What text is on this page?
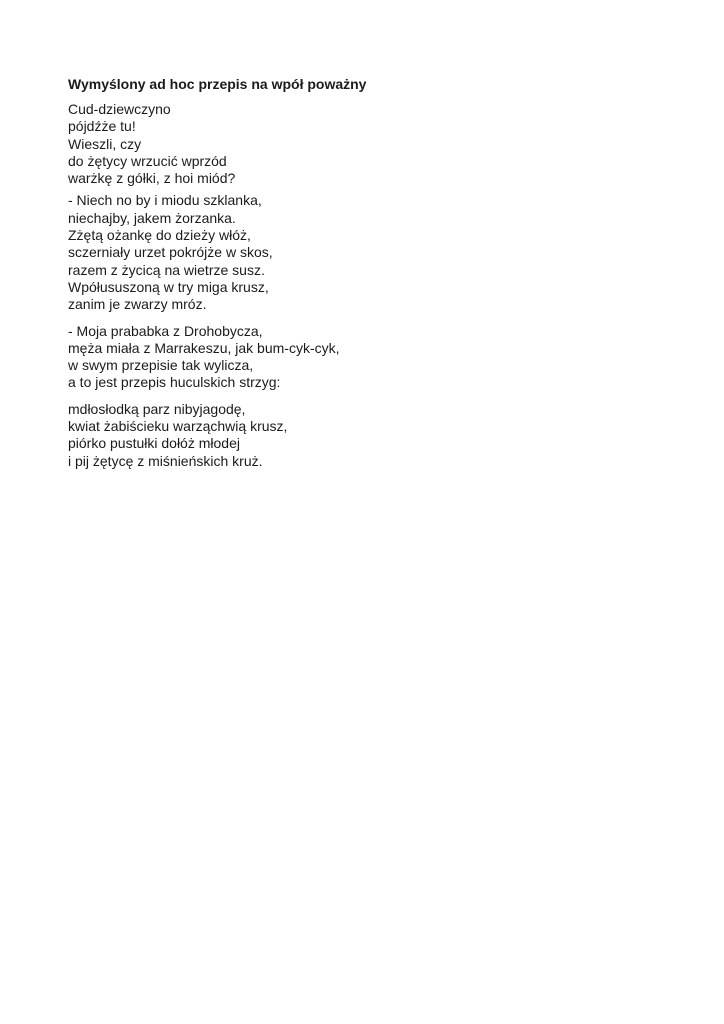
Wymyślony ad hoc przepis na wpół poważny
Cud-dziewczyno
pójdźże tu!
Wieszli, czy
do żętycy wrzucić wprzód
warżkę z gółki, z hoi miód?
- Niech no by i miodu szklanka,
niechajby, jakem żorzanka.
Zżętą ożankę do dzieży włóż,
sczerniały urzet pokrójże w skos,
razem z życicą na wietrze susz.
Wpółususzoną w try miga krusz,
zanim je zwarzy mróz.
- Moja prababka z Drohobycza,
męża miała z Marrakeszu, jak bum-cyk-cyk,
w swym przepisie tak wylicza,
a to jest przepis huculskich strzyg:
mdłosłodką parz nibyjagodę,
kwiat żabiścieku warząchwią krusz,
piórko pustułki dołóż młodej
i pij żętycę z miśnieńskich kruż.
